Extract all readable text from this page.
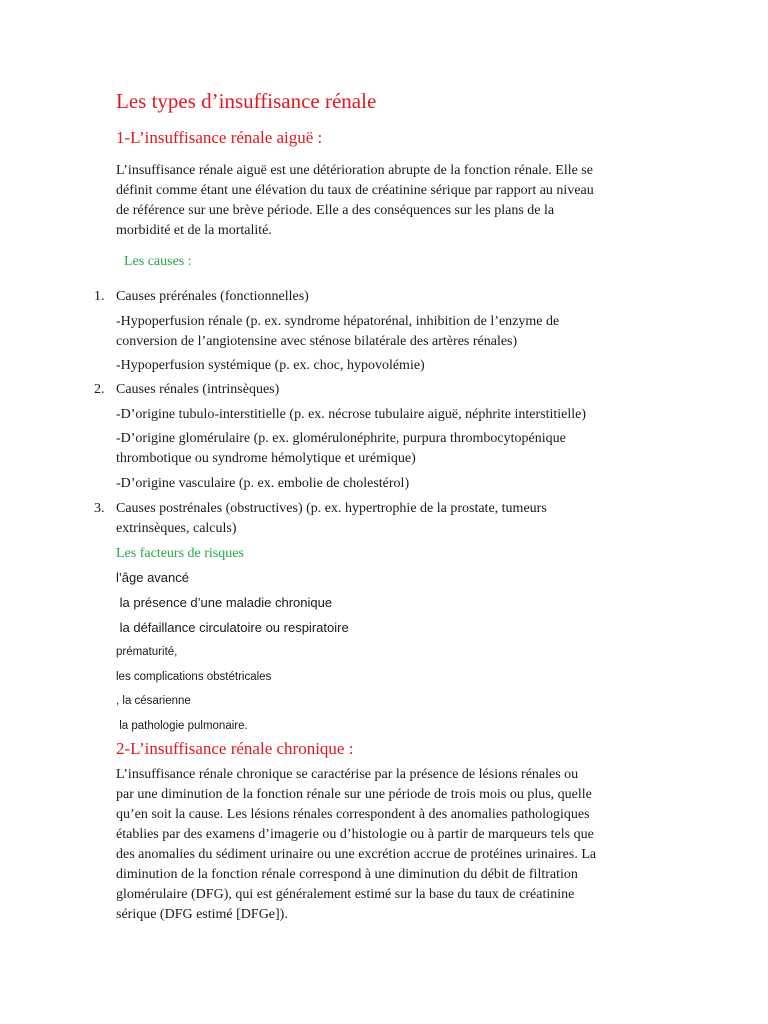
Les types d’insuffisance rénale
1-L’insuffisance rénale aiguë :
L’insuffisance rénale aiguë est une détérioration abrupte de la fonction rénale. Elle se
définit comme étant une élévation du taux de créatinine sérique par rapport au niveau
de référence sur une brève période. Elle a des conséquences sur les plans de la
morbidité et de la mortalité.
Les causes :
1. Causes prérénales (fonctionnelles)
-Hypoperfusion rénale (p. ex. syndrome hépatorénal, inhibition de l’enzyme de
conversion de l’angiotensine avec sténose bilatérale des artères rénales)
-Hypoperfusion systémique (p. ex. choc, hypovolémie)
2. Causes rénales (intrinsèques)
-D’origine tubulo-interstitielle (p. ex. nécrose tubulaire aiguë, néphrite interstitielle)
-D’origine glomérulaire (p. ex. glomérulonéphrite, purpura thrombocytopénique
thrombotique ou syndrome hémolytique et urémique)
-D’origine vasculaire (p. ex. embolie de cholestérol)
3. Causes postrénales (obstructives) (p. ex. hypertrophie de la prostate, tumeurs
extrinsèques, calculs)
Les facteurs de risques
l’âge avancé
la présence d’une maladie chronique
la défaillance circulatoire ou respiratoire
prématurité,
les complications obstétricales
, la césarienne
la pathologie pulmonaire.
2-L’insuffisance rénale chronique :
L’insuffisance rénale chronique se caractérise par la présence de lésions rénales ou
par une diminution de la fonction rénale sur une période de trois mois ou plus, quelle
qu’en soit la cause. Les lésions rénales correspondent à des anomalies pathologiques
établies par des examens d’imagerie ou d’histologie ou à partir de marqueurs tels que
des anomalies du sédiment urinaire ou une excrétion accrue de protéines urinaires. La
diminution de la fonction rénale correspond à une diminution du débit de filtration
glomérulaire (DFG), qui est généralement estimé sur la base du taux de créatinine
sérique (DFG estimé [DFGe]).
